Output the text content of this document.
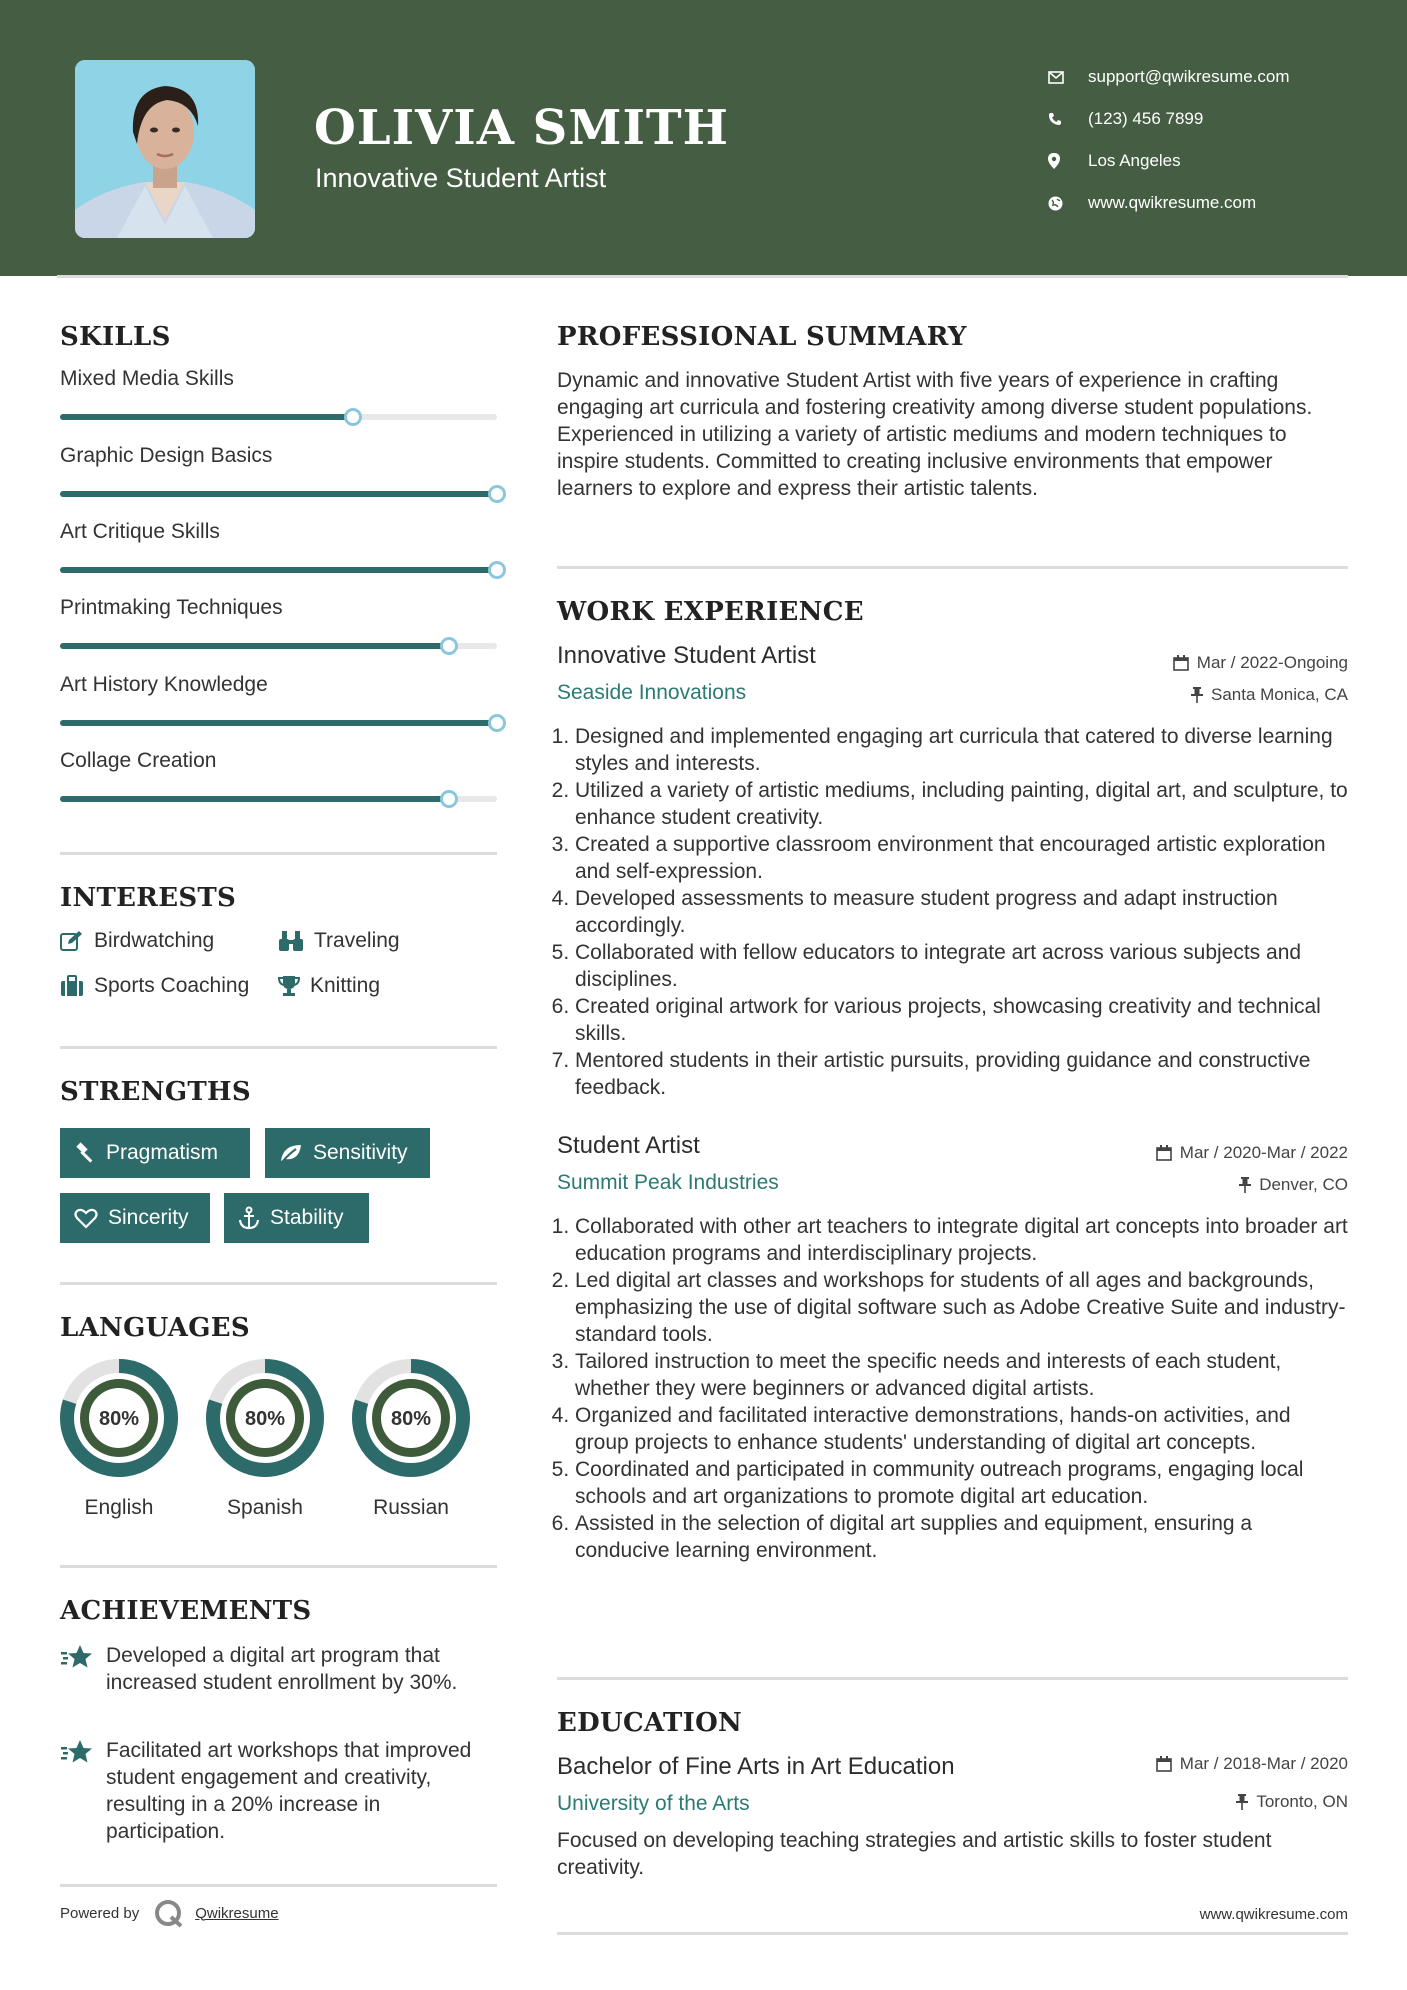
OLIVIA SMITH
Innovative Student Artist
support@qwikresume.com
(123) 456 7899
Los Angeles
www.qwikresume.com
SKILLS
Mixed Media Skills
Graphic Design Basics
Art Critique Skills
Printmaking Techniques
Art History Knowledge
Collage Creation
INTERESTS
Birdwatching	Traveling
Sports Coaching	Knitting
STRENGTHS
Pragmatism	Sensitivity
Sincerity	Stability
LANGUAGES
80%
English
80%
Spanish
80%
Russian
ACHIEVEMENTS
Developed a digital art program that increased student enrollment by 30%.
Facilitated art workshops that improved student engagement and creativity, resulting in a 20% increase in participation.
Powered by	Qwikresume
PROFESSIONAL SUMMARY
Dynamic and innovative Student Artist with five years of experience in crafting engaging art curricula and fostering creativity among diverse student populations. Experienced in utilizing a variety of artistic mediums and modern techniques to inspire students. Committed to creating inclusive environments that empower learners to explore and express their artistic talents.
WORK EXPERIENCE
Innovative Student Artist	Mar / 2022-Ongoing
Seaside Innovations	Santa Monica, CA
1. Designed and implemented engaging art curricula that catered to diverse learning styles and interests.
2. Utilized a variety of artistic mediums, including painting, digital art, and sculpture, to enhance student creativity.
3. Created a supportive classroom environment that encouraged artistic exploration and self-expression.
4. Developed assessments to measure student progress and adapt instruction accordingly.
5. Collaborated with fellow educators to integrate art across various subjects and disciplines.
6. Created original artwork for various projects, showcasing creativity and technical skills.
7. Mentored students in their artistic pursuits, providing guidance and constructive feedback.
Student Artist	Mar / 2020-Mar / 2022
Summit Peak Industries	Denver, CO
1. Collaborated with other art teachers to integrate digital art concepts into broader art education programs and interdisciplinary projects.
2. Led digital art classes and workshops for students of all ages and backgrounds, emphasizing the use of digital software such as Adobe Creative Suite and industry-standard tools.
3. Tailored instruction to meet the specific needs and interests of each student, whether they were beginners or advanced digital artists.
4. Organized and facilitated interactive demonstrations, hands-on activities, and group projects to enhance students' understanding of digital art concepts.
5. Coordinated and participated in community outreach programs, engaging local schools and art organizations to promote digital art education.
6. Assisted in the selection of digital art supplies and equipment, ensuring a conducive learning environment.
EDUCATION
Bachelor of Fine Arts in Art Education	Mar / 2018-Mar / 2020
University of the Arts	Toronto, ON
Focused on developing teaching strategies and artistic skills to foster student creativity.
www.qwikresume.com
